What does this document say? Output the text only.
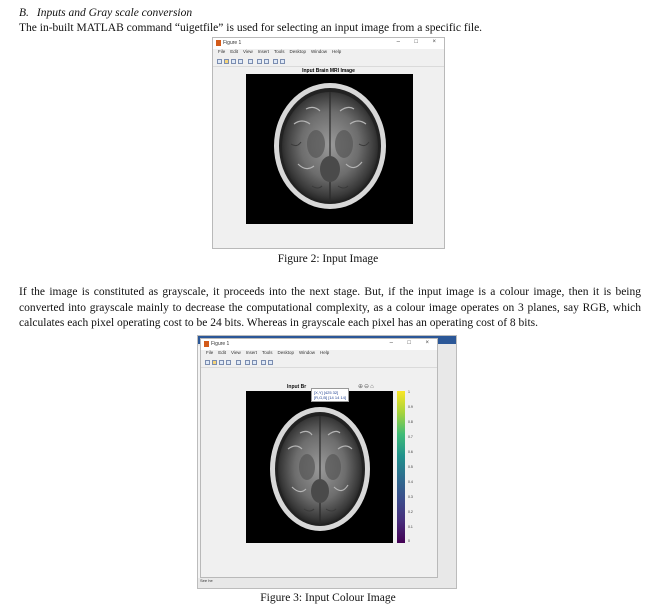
B. Inputs and Gray scale conversion
The in-built MATLAB command “uigetfile” is used for selecting an input image from a specific file.
Figure 1	– □ ×
File Edit View Insert Tools Desktop Window Help
Input Brain MRI Image
Figure 2: Input Image
If the image is constituted as grayscale, it proceeds into the next stage. But, if the input image is a colour image, then it is being converted into grayscale mainly to decrease the computational complexity, as a colour image operates on 3 planes, say RGB, which calculates each pixel operating cost to be 24 bits. Whereas in grayscale each pixel has an operating cost of 8 bits.
See he
Figure 1	– □ ×
File Edit View Insert Tools Desktop Window Help
Input Br	⊕⊖⌂
[X,Y] [425 32]
[R,G,B] [14 14 14]
1
0.9
0.8
0.7
0.6
0.5
0.4
0.3
0.2
0.1
0
Figure 3: Input Colour Image
